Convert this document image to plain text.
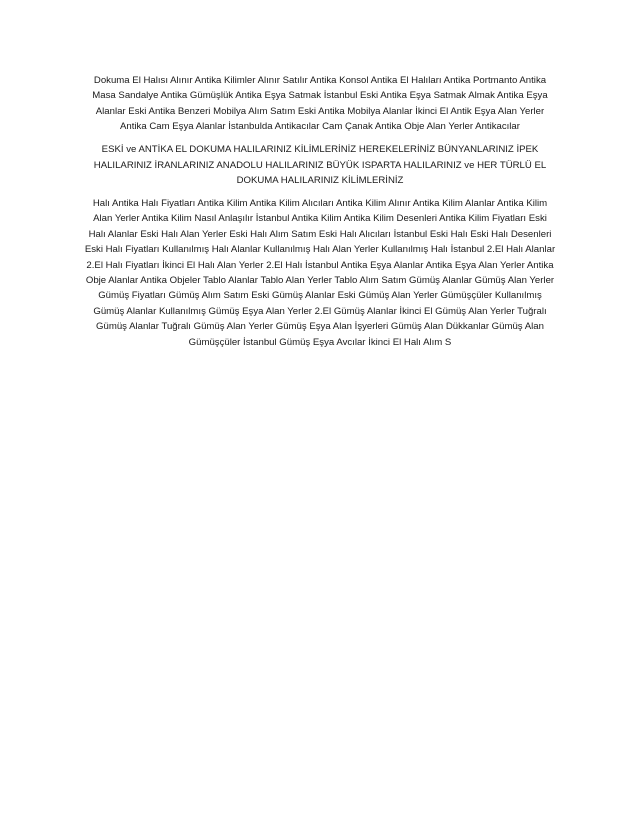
Dokuma El Halısı Alınır Antika Kilimler Alınır Satılır Antika Konsol Antika El Halıları Antika Portmanto Antika Masa Sandalye Antika Gümüşlük Antika Eşya Satmak İstanbul Eski Antika Eşya Satmak Almak Antika Eşya Alanlar Eski Antika Benzeri Mobilya Alım Satım Eski Antika Mobilya Alanlar İkinci El Antik Eşya Alan Yerler Antika Cam Eşya Alanlar İstanbulda Antikacılar Cam Çanak Antika Obje Alan Yerler Antikacılar

ESKİ ve ANTİKA EL DOKUMA HALILARINIZ KİLİMLERİNİZ HEREKELERİNİZ BÜNYANLARINIZ İPEK HALILARINIZ İRANLARINIZ ANADOLU HALILARINIZ BÜYÜK ISPARTA HALILARINIZ ve HER TÜRLÜ EL DOKUMA HALILARINIZ KİLİMLERİNİZ

Halı Antika Halı Fiyatları Antika Kilim Antika Kilim Alıcıları Antika Kilim Alınır Antika Kilim Alanlar Antika Kilim Alan Yerler Antika Kilim Nasıl Anlaşılır İstanbul Antika Kilim Antika Kilim Desenleri Antika Kilim Fiyatları Eski Halı Alanlar Eski Halı Alan Yerler Eski Halı Alım Satım Eski Halı Alıcıları İstanbul Eski Halı Eski Halı Desenleri Eski Halı Fiyatları Kullanılmış Halı Alanlar Kullanılmış Halı Alan Yerler Kullanılmış Halı İstanbul 2.El Halı Alanlar 2.El Halı Fiyatları İkinci El Halı Alan Yerler 2.El Halı İstanbul Antika Eşya Alanlar Antika Eşya Alan Yerler Antika Obje Alanlar Antika Objeler Tablo Alanlar Tablo Alan Yerler Tablo Alım Satım Gümüş Alanlar Gümüş Alan Yerler Gümüş Fiyatları Gümüş Alım Satım Eski Gümüş Alanlar Eski Gümüş Alan Yerler Gümüşçüler Kullanılmış Gümüş Alanlar Kullanılmış Gümüş Eşya Alan Yerler 2.El Gümüş Alanlar İkinci El Gümüş Alan Yerler Tuğralı Gümüş Alanlar Tuğralı Gümüş Alan Yerler Gümüş Eşya Alan İşyerleri Gümüş Alan Dükkanlar Gümüş Alan Gümüşçüler İstanbul Gümüş Eşya Avcılar İkinci El Halı Alım S
